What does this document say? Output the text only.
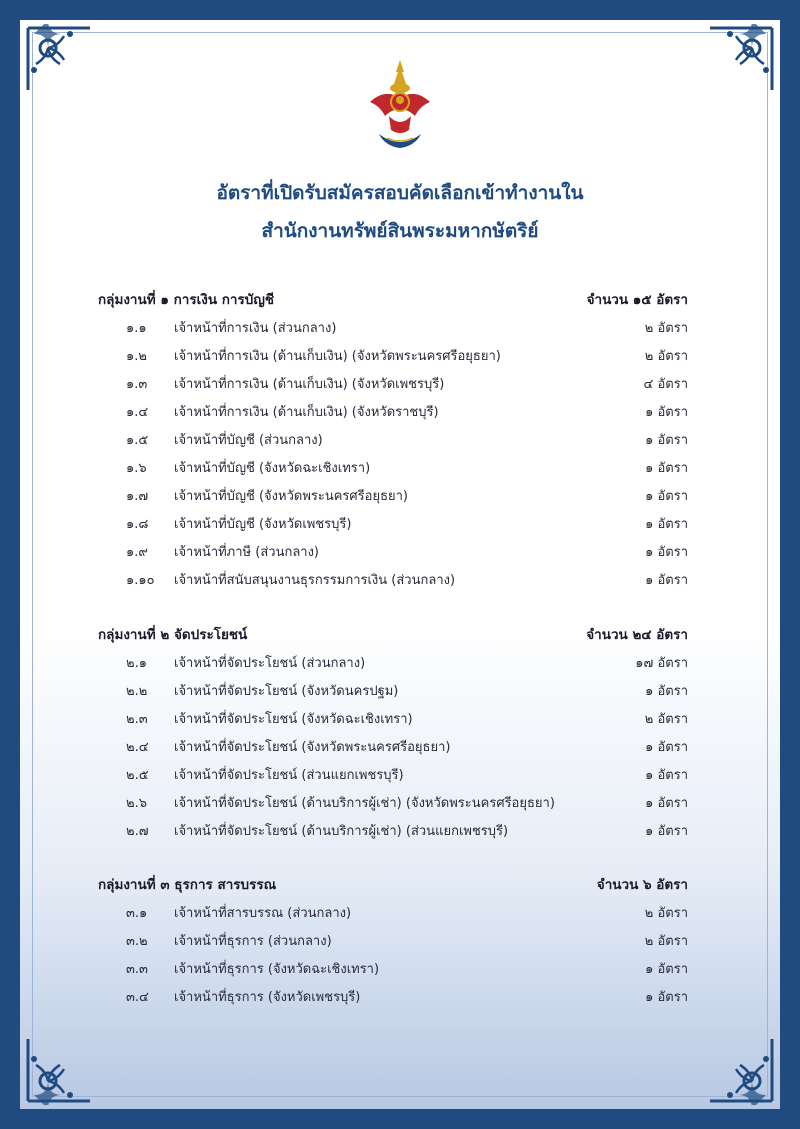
อัตราที่เปิดรับสมัครสอบคัดเลือกเข้าทำงานใน
สำนักงานทรัพย์สินพระมหากษัตริย์
กลุ่มงานที่ ๑ การเงิน การบัญชี	จำนวน ๑๕ อัตรา
๑.๑	เจ้าหน้าที่การเงิน (ส่วนกลาง)	๒ อัตรา
๑.๒	เจ้าหน้าที่การเงิน (ด้านเก็บเงิน) (จังหวัดพระนครศรีอยุธยา)	๒ อัตรา
๑.๓	เจ้าหน้าที่การเงิน (ด้านเก็บเงิน) (จังหวัดเพชรบุรี)	๔ อัตรา
๑.๔	เจ้าหน้าที่การเงิน (ด้านเก็บเงิน) (จังหวัดราชบุรี)	๑ อัตรา
๑.๕	เจ้าหน้าที่บัญชี (ส่วนกลาง)	๑ อัตรา
๑.๖	เจ้าหน้าที่บัญชี (จังหวัดฉะเชิงเทรา)	๑ อัตรา
๑.๗	เจ้าหน้าที่บัญชี (จังหวัดพระนครศรีอยุธยา)	๑ อัตรา
๑.๘	เจ้าหน้าที่บัญชี (จังหวัดเพชรบุรี)	๑ อัตรา
๑.๙	เจ้าหน้าที่ภาษี (ส่วนกลาง)	๑ อัตรา
๑.๑๐	เจ้าหน้าที่สนับสนุนงานธุรกรรมการเงิน (ส่วนกลาง)	๑ อัตรา
กลุ่มงานที่ ๒ จัดประโยชน์	จำนวน ๒๔ อัตรา
๒.๑	เจ้าหน้าที่จัดประโยชน์ (ส่วนกลาง)	๑๗ อัตรา
๒.๒	เจ้าหน้าที่จัดประโยชน์ (จังหวัดนครปฐม)	๑ อัตรา
๒.๓	เจ้าหน้าที่จัดประโยชน์ (จังหวัดฉะเชิงเทรา)	๒ อัตรา
๒.๔	เจ้าหน้าที่จัดประโยชน์ (จังหวัดพระนครศรีอยุธยา)	๑ อัตรา
๒.๕	เจ้าหน้าที่จัดประโยชน์ (ส่วนแยกเพชรบุรี)	๑ อัตรา
๒.๖	เจ้าหน้าที่จัดประโยชน์ (ด้านบริการผู้เช่า) (จังหวัดพระนครศรีอยุธยา)	๑ อัตรา
๒.๗	เจ้าหน้าที่จัดประโยชน์ (ด้านบริการผู้เช่า) (ส่วนแยกเพชรบุรี)	๑ อัตรา
กลุ่มงานที่ ๓ ธุรการ สารบรรณ	จำนวน ๖ อัตรา
๓.๑	เจ้าหน้าที่สารบรรณ (ส่วนกลาง)	๒ อัตรา
๓.๒	เจ้าหน้าที่ธุรการ (ส่วนกลาง)	๒ อัตรา
๓.๓	เจ้าหน้าที่ธุรการ (จังหวัดฉะเชิงเทรา)	๑ อัตรา
๓.๔	เจ้าหน้าที่ธุรการ (จังหวัดเพชรบุรี)	๑ อัตรา
